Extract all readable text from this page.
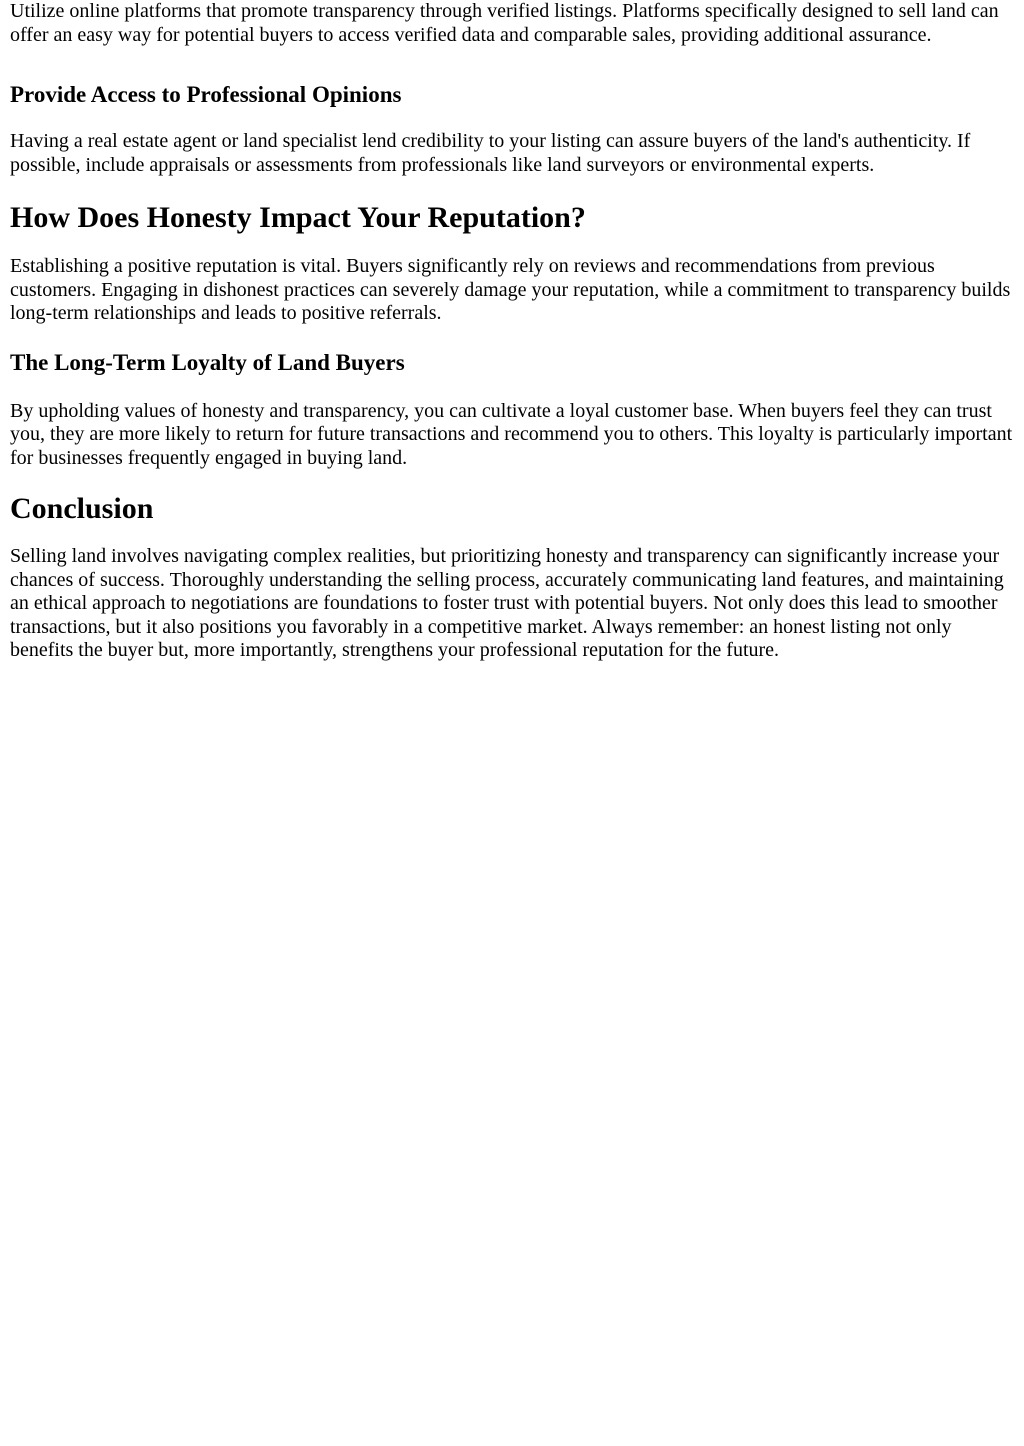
Utilize online platforms that promote transparency through verified listings. Platforms specifically designed to sell land can offer an easy way for potential buyers to access verified data and comparable sales, providing additional assurance.

Provide Access to Professional Opinions

Having a real estate agent or land specialist lend credibility to your listing can assure buyers of the land's authenticity. If possible, include appraisals or assessments from professionals like land surveyors or environmental experts.

How Does Honesty Impact Your Reputation?

Establishing a positive reputation is vital. Buyers significantly rely on reviews and recommendations from previous customers. Engaging in dishonest practices can severely damage your reputation, while a commitment to transparency builds long-term relationships and leads to positive referrals.

The Long-Term Loyalty of Land Buyers

By upholding values of honesty and transparency, you can cultivate a loyal customer base. When buyers feel they can trust you, they are more likely to return for future transactions and recommend you to others. This loyalty is particularly important for businesses frequently engaged in buying land.

Conclusion

Selling land involves navigating complex realities, but prioritizing honesty and transparency can significantly increase your chances of success. Thoroughly understanding the selling process, accurately communicating land features, and maintaining an ethical approach to negotiations are foundations to foster trust with potential buyers. Not only does this lead to smoother transactions, but it also positions you favorably in a competitive market. Always remember: an honest listing not only benefits the buyer but, more importantly, strengthens your professional reputation for the future.
